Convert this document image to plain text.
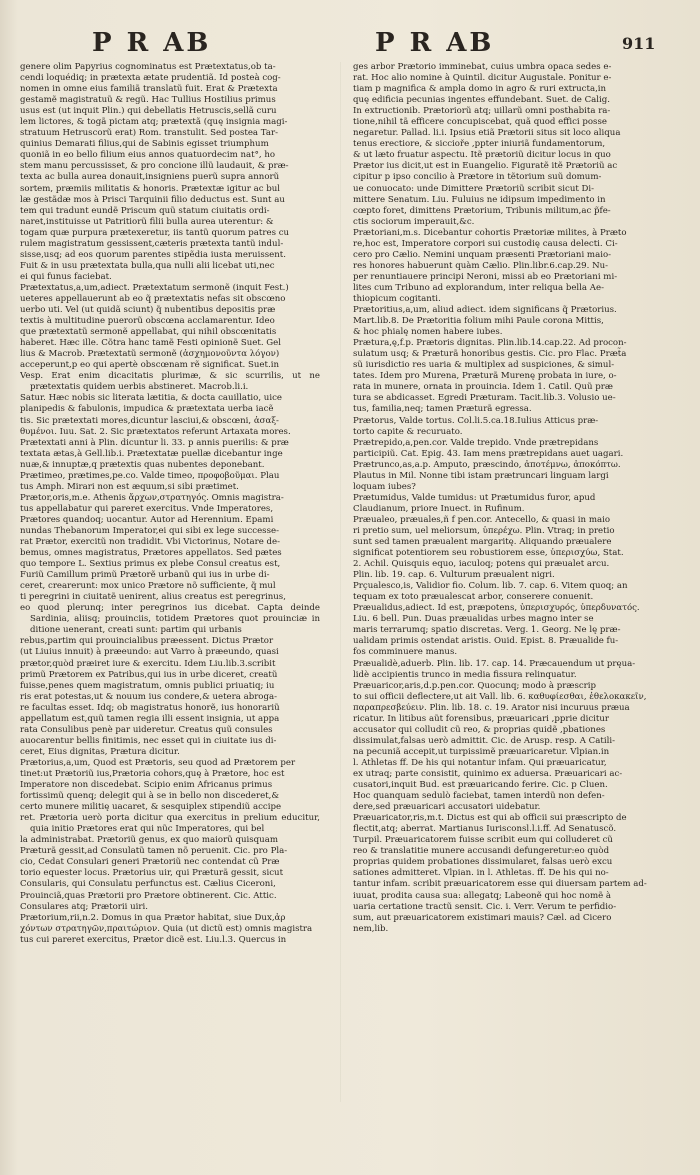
P R AB	P R AB	911

genere olim Papyrius cognominatus est Prætextatus,ob ta-

cendi loquédiq; in prætexta ætate prudentiã. Id posteà cog-

nomen in omne eius familiã translatũ fuit. Erat & Prætexta

gestamẽ magistratuũ & regũ. Hac Tullius Hostilius primus

usus est (ut inquit Plin.) qui debellatis Hetruscis,sellã curu

lem lictores, & togã pictam atq; prætextã (quę insignia magi-

stratuum Hetruscorũ erat) Rom. transtulit. Sed postea Tar-

quinius Demarati filius,qui de Sabinis egisset triumphum

quoniã in eo bello filium eius annos quatuordecim nat°, ho

stem manu percussisset, & pro concione illũ laudauit, & præ-

texta ac bulla aurea donauit,insigniens puerũ supra annorũ

sortem, præmiis militatis & honoris. Prætextæ igitur ac bul

læ gestãdæ mos à Prisci Tarquinii filio deductus est. Sunt au

tem qui tradunt eundẽ Priscum quũ statum ciuitatis ordi-

naret,instituisse ut Patritiorũ filii bulla aurea uterentur: &

togam quæ purpura prætexeretur, iis tantũ quorum patres cu

rulem magistratum gessissent,cæteris prætexta tantũ indul-

sisse,usq; ad eos quorum parentes stipẽdia iusta meruissent.

Fuit & in usu prætextata bulla,qua nulli alii licebat uti,nec

ei qui funus faciebat.

Prætextatus,a,um,adiect. Prætextatum sermonẽ (inquit Fest.)

ueteres appellauerunt ab eo q̃ prætextatis nefas sit obscœno

uerbo uti. Vel (ut quidã sciunt) q̃ nubentibus depositis præ

textis à multitudine puerorũ obscœna acclamarentur. Ideo

que prætextatũ sermonẽ appellabat, qui nihil obscœnitatis

haberet. Hæc ille. Cõtra hanc tamẽ Festi opinionẽ Suet. Gel

lius & Macrob. Prætextatũ sermonẽ (ἀσχημονοῦντα λόγον)

acceperunt,p eo qui apertè obscœnam rẽ significat. Suet.in

Vesp. Erat enim dicacitatis plurimæ, & sic scurrilis, ut ne prætextatis quidem uerbis abstineret. Macrob.li.i.

Satur. Hæc nobis sic literata lætitia, & docta cauillatio, uice

planipedis & fabulonis, impudica & prætextata uerba iacẽ

tis. Sic prætextati mores,dicuntur lasciui,& obscœni, ἀσαξ-

θυμένοι. Iuu. Sat. 2. Sic prætextatos referunt Artaxata mores.

Prætextati anni à Plin. dicuntur li. 33. p annis puerilis: & præ

textata ætas,à Gell.lib.i. Prætextatæ puellæ dicebantur inge

nuæ,& innuptæ,q prætextis quas nubentes deponebant.

Prætimeo, prætimes,pe.co. Valde timeo, προφοβοῦμαι. Plau

tus Amph. Mirari non est æquum,si sibi prætimet.

Prætor,oris,m.e. Athenis ἄρχων,στρατηγός. Omnis magistra-

tus appellabatur qui pareret exercitus. Vnde Imperatores,

Prætores quandoq; uocantur. Autor ad Herennium. Epami

nundas Thebanorum Imperator,ei qui sibi ex lege successe-

rat Prætor, exercitũ non tradidit. Vbi Victorinus, Notare de-

bemus, omnes magistratus, Prætores appellatos. Sed pætes

quo tempore L. Sextius primus ex plebe Consul creatus est,

Furiũ Camillum primũ Prætorẽ urbanũ qui ius in urbe di-

ceret, crearerunt: mox unico Prætore nõ sufficiente, q̃ mul

ti peregrini in ciuitatẽ uenirent, alius creatus est peregrinus,

eo quod plerunq; inter peregrinos ius dicebat. Capta deinde Sardinia, aliisq; prouinciis, totidem Prætores quot prouinciæ in ditione uenerant, creati sunt: partim qui urbanis

rebus,partim qui prouincialibus præessent. Dictus Prætor

(ut Liuius innuit) à præeundo: aut Varro à præeundo, quasi

prætor,quòd præiret iure & exercitu. Idem Liu.lib.3.scribit

primũ Prætorem ex Patribus,qui ius in urbe diceret, creatũ

fuisse,penes quem magistratum, omnis publici priuatiq; iu

ris erat potestas,ut & nouum ius condere,& uetera abroga-

re facultas esset. Idq; ob magistratus honorẽ, ius honorariũ

appellatum est,quũ tamen regia illi essent insignia, ut appa

rata Consulibus penè par uideretur. Creatus quũ consules

auocarentur bellis finitimis, nec esset qui in ciuitate ius di-

ceret, Eius dignitas, Prætura dicitur.

Prætorius,a,um, Quod est Prætoris, seu quod ad Prætorem per

tinet:ut Prætoriũ ius,Prætoria cohors,quę à Prætore, hoc est

Imperatore non discedebat. Scipio enim Africanus primus

fortissimũ quenq; delegit qui à se in bello non discederet,&

certo munere militię uacaret, & sesquiplex stipendiũ accipe

ret. Prætoria uerò porta dicitur qua exercitus in prelium educitur, quia initio Prætores erat qui nũc Imperatores, qui bel

la administrabat. Prætoriũ genus, ex quo maiorũ quisquam

Præturã gessit,ad Consulatũ tamen nõ peruenit. Cic. pro Pla-

cio, Cedat Consulari generi Prætoriũ nec contendat cũ Præ

torio equester locus. Prætorius uir, qui Præturã gessit, sicut

Consularis, qui Consulatu perfunctus est. Cælius Ciceroni,

Prouinciã,quas Prætorii pro Prætore obtinerent. Cic. Attic.

Consulares atq; Prætorii uiri.

Prætorium,rii,n.2. Domus in qua Prætor habitat, siue Dux,ἀρ

χόντων στρατηγῶν,πραιτώριον. Quia (ut dictũ est) omnis magistra

tus cui pareret exercitus, Prætor dicẽ est. Liu.l.3. Quercus in

ges arbor Prætorio imminebat, cuius umbra opaca sedes e-

rat. Hoc alio nomine à Quintil. dicitur Augustale. Ponitur e-

tiam p magnifica & ampla domo in agro & ruri extructa,in

quę edificia pecunias ingentes effundebant. Suet. de Calig.

In extructionib. Prætoriorũ atq; uillarũ omni posthabita ra-

tione,nihil tã efficere concupiscebat, quã quod effici posse

negaretur. Pallad. li.i. Ipsius etiã Prætorii situs sit loco aliqua

tenus erectiore, & siccioře ,ppter iniuriã fundamentorum,

& ut læto fruatur aspectu. Itẽ prætoriũ dicitur locus in quo

Prætor ius dicit,ut est in Euangelio. Figuratẽ itẽ Prætoriũ ac

cipitur p ipso concilio à Prætore in tẽtorium suũ domum-

ue conuocato: unde Dimittere Prætoriũ scribit sicut Di-

mittere Senatum. Liu. Fuluius ne idipsum impedimento in

cœpto foret, dimittens Prætorium, Tribunis militum,ac p̃fe-

ctis sociorum imperauit,&c.

Prætoriani,m.s. Dicebantur cohortis Prætoriæ milites, à Præto

re,hoc est, Imperatore corpori sui custodię causa delecti. Ci-

cero pro Cælio. Nemini unquam præsenti Prætoriani maio-

res honores habuerunt quàm Cælio. Plin.libr.6.cap.29. Nu-

per renuntiauere principi Neroni, missi ab eo Prætoriani mi-

lites cum Tribuno ad explorandum, inter reliqua bella Ae-

thiopicum cogitanti.

Prætoritius,a,um, aliud adiect. idem significans q̃ Prætorius.

Mart.lib.8. De Prætoritia folium mihi Paule corona Mittis,

& hoc phialę nomen habere iubes.

Prætura,ę,f.p. Prætoris dignitas. Plin.lib.14.cap.22. Ad procon-

sulatum usq; & Præturã honoribus gestis. Cic. pro Flac. Præt̃a

sũ iurisdictio res uaria & multiplex ad suspiciones, & simul-

tates. Idem pro Murena, Præturã Murenę probata in iure, o-

rata in munere, ornata in prouincia. Idem 1. Catil. Quũ præ

tura se abdicasset. Egredi Præturam. Tacit.lib.3. Volusio ue-

tus, familia,neq; tamen Præturã egressa.

Prætorus, Valde tortus. Col.li.5.ca.18.Iulius Atticus præ-

torto capite & recuruato.

Prætrepido,a,pen.cor. Valde trepido. Vnde prætrepidans

participiũ. Cat. Epig. 43. Iam mens prætrepidans auet uagari.

Prætrunco,as,a.p. Amputo, præscindo, ἀποτέμνω, ἀποκόπτω.

Plautus in Mil. Nonne tibi istam prætruncari linguam largi

loquam iubes?

Prætumidus, Valde tumidus: ut Prætumidus furor, apud

Claudianum, priore Inuect. in Rufinum.

Præualeo, præuales,ñ f pen.cor. Antecello, & quasi in maio

ri pretio sum, uel meliorsum, ὑπερέχω. Plin. Vtraq; in pretio

sunt sed tamen præualent margaritę. Aliquando præualere

significat potentiorem seu robustiorem esse, ὑπερισχύω, Stat.

2. Achil. Quisquis equo, iaculoq; potens qui præualet arcu.

Plin. lib. 19. cap. 6. Vulturum præualent nigri.

Prçualesco,is, Validior fio. Colum. lib. 7. cap. 6. Vitem quoq; an

tequam ex toto præualescat arbor, conserere conuenit.

Præualidus,adiect. Id est, præpotens, ὑπερισχυρός, ὑπερδυνατός.

Liu. 6 bell. Pun. Duas præualidas urbes magno inter se

maris terrarumq; spatio discretas. Verg. 1. Georg. Ne lę præ-

ualidam primis ostendat aristis. Ouid. Epist. 8. Præualide fu-

fos comminuere manus.

Præualidè,aduerb. Plin. lib. 17. cap. 14. Præcauendum ut pręua-

lidè accipientis trunco in media fissura relinquatur.

Præuaricor,aris,d.p.pen.cor. Quocunq; modo à præscrip

to sui officii deflectere,ut ait Vall. lib. 6. καθυφίεσθαι, ἐθελοκακεῖν,

παραπρεσβεύειν. Plin. lib. 18. c. 19. Arator nisi incuruus præua

ricatur. In litibus aũt forensibus, præuaricari ,pprie dicitur

accusator qui colludit cũ reo, & proprias quidẽ ,pbationes

dissimulat,falsas uerò admittit. Cic. de Arusp. resp. A Catili-

na pecuniã accepit,ut turpissimẽ præuaricaretur. Vlpian.in

l. Athletas ff. De his qui notantur infam. Qui præuaricatur,

ex utraq; parte consistit, quinimo ex aduersa. Præuaricari ac-

cusatori,inquit Bud. est præuaricando ferire. Cic. p Cluen.

Hoc quanquam sedulò faciebat, tamen interdũ non defen-

dere,sed præuaricari accusatori uidebatur.

Præuaricator,ris,m.t. Dictus est qui ab officii sui præscripto de

flectit,atq; aberrat. Martianus Iurisconsl.l.i.ff. Ad Senatuscõ.

Turpil. Præuaricatorem fuisse scribit eum qui colluderet cũ

reo & translatitie munere accusandi defungeretur:eo quòd

proprias quidem probationes dissimularet, falsas uerò excu

sationes admitteret. Vlpian. in l. Athletas. ff. De his qui no-

tantur infam. scribit præuaricatorem esse qui diuersam partem ad-

iuuat, prodita causa sua: allegatq; Labeonẽ qui hoc nomẽ à

uaria certatione tractũ sensit. Cic. i. Verr. Verum te perfidio-

sum, aut præuaricatorem existimari mauis? Cæl. ad Cicero

nem,lib.
